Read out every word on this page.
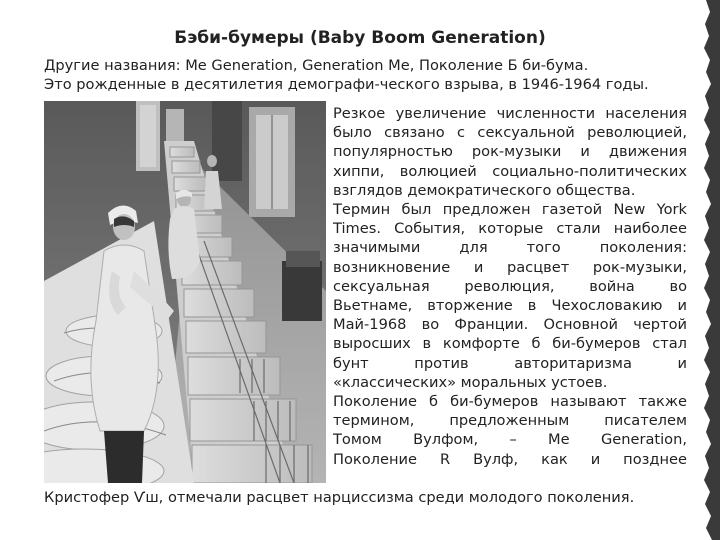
Бэби-бумеры (Baby Boom Generation)
Другие названия: Me Generation, Generation Me, Поколение Б би-бума.
Это рожденные в десятилетия демографи-ческого взрыва, в 1946-1964 годы.
Резкое увеличение численности населения
было связано с сексуальной революцией,
популярностью рок-музыки и движения
хиппи, волюцией социально-политических
взглядов демократического общества.
Термин был предложен газетой New York
Times. События, которые стали наиболее
значимыми для того поколения:
возникновение и расцвет рок-музыки,
сексуальная революция, война во
Вьетнаме, вторжение в Чехословакию и
Май-1968 во Франции. Основной чертой
выросших в комфорте б би-бумеров стал
бунт против авторитаризма и
«классических» моральных устоев.
Поколение б би-бумеров называют также
термином, предложенным писателем
Томом Вулфом, – Me Generation,
Поколение R Вулф, как и позднее
Кристофер Ѵш, отмечали расцвет нарциссизма среди молодого поколения.
